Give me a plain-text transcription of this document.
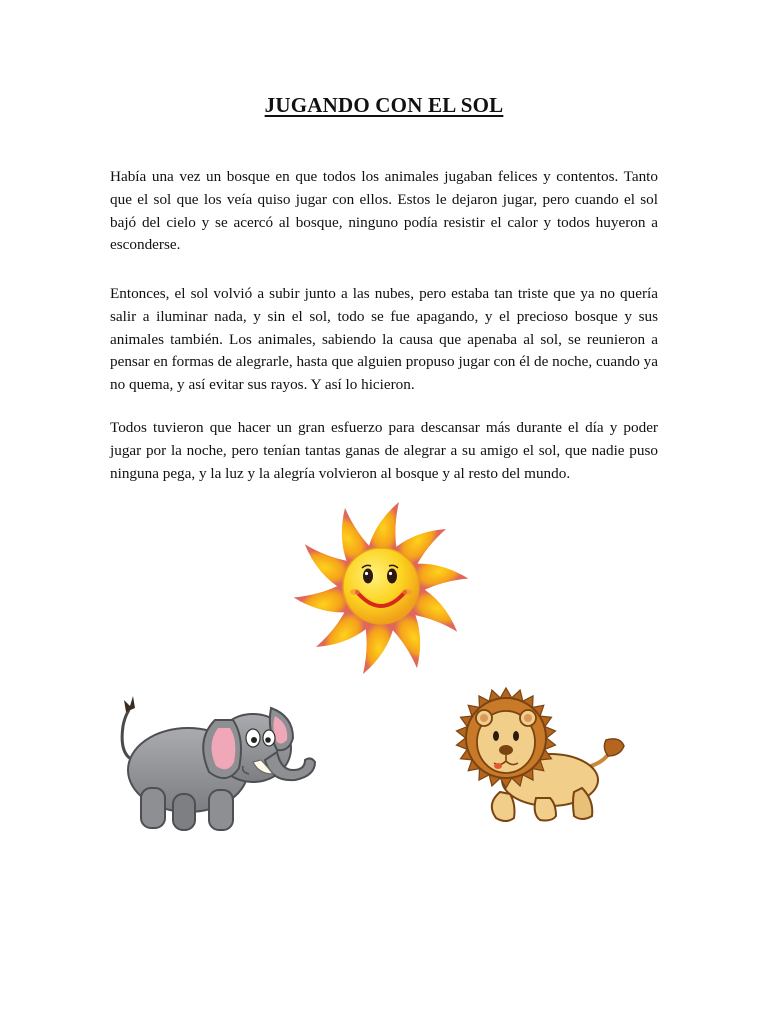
JUGANDO CON EL SOL

Había una vez un bosque en que todos los animales jugaban felices y contentos. Tanto que el sol que los veía quiso jugar con ellos. Estos le dejaron jugar, pero cuando el sol bajó del cielo y se acercó al bosque, ninguno podía resistir el calor y todos huyeron a esconderse.

Entonces, el sol volvió a subir junto a las nubes, pero estaba tan triste que ya no quería salir a iluminar nada, y sin el sol, todo se fue apagando, y el precioso bosque y sus animales también. Los animales, sabiendo la causa que apenaba al sol, se reunieron a pensar en formas de alegrarle, hasta que alguien propuso jugar con él de noche, cuando ya no quema, y así evitar sus rayos. Y así lo hicieron.

Todos tuvieron que hacer un gran esfuerzo para descansar más durante el día y poder jugar por la noche, pero tenían tantas ganas de alegrar a su amigo el sol, que nadie puso ninguna pega, y la luz y la alegría volvieron al bosque y al resto del mundo.
